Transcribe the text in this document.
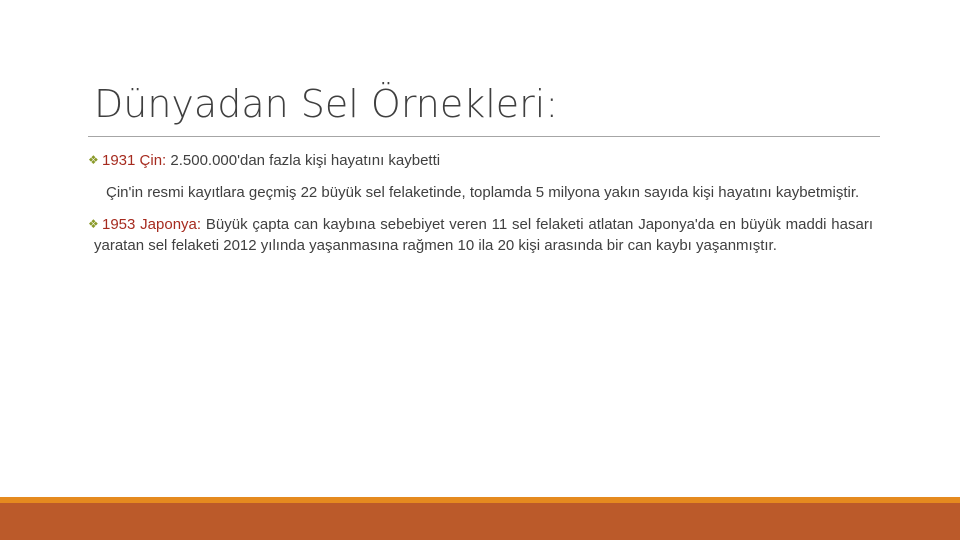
Dünyadan Sel Örnekleri:

❖ 1931 Çin: 2.500.000'dan fazla kişi hayatını kaybetti

Çin'in resmi kayıtlara geçmiş 22 büyük sel felaketinde, toplamda 5 milyona yakın sayıda kişi hayatını kaybetmiştir.

❖ 1953 Japonya: Büyük çapta can kaybına sebebiyet veren 11 sel felaketi atlatan Japonya'da en büyük maddi hasarı yaratan sel felaketi 2012 yılında yaşanmasına rağmen 10 ila 20 kişi arasında bir can kaybı yaşanmıştır.
